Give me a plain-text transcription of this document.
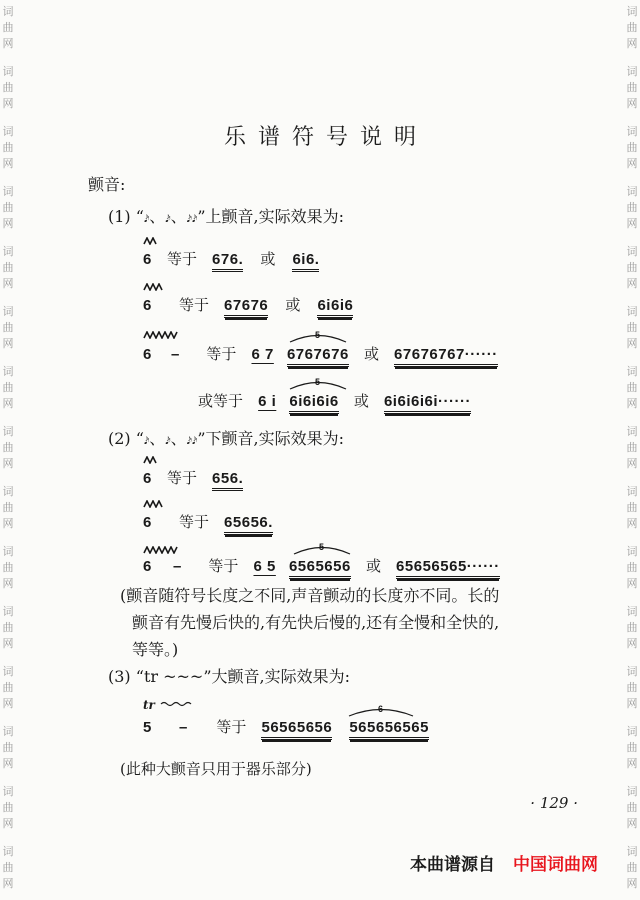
词
曲
网
词
曲
网
词
曲
网
词
曲
网
词
曲
网
词
曲
网
词
曲
网
词
曲
网
词
曲
网
词
曲
网
词
曲
网
词
曲
网
词
曲
网
词
曲
网
词
曲
网
词
曲
网
词
曲
网
词
曲
网
词
曲
网
词
曲
网
词
曲
网
词
曲
网
词
曲
网
词
曲
网
词
曲
网
词
曲
网
词
曲
网
词
曲
网
词
曲
网
词
曲
网
乐谱符号说明
颤音:
(1) “𝆔、𝆔、𝆔𝆔”上颤音,实际效果为:
6 等于 676. 或 6i6.
6 等于 67676 或 6i6i6
5
6 – 等于 6 7 6767676 或 67676767······
5
或等于 6 i 6i6i6i6 或 6i6i6i6i······
(2) “𝆔、𝆔、𝆔𝆔”下颤音,实际效果为:
6 等于 656.
6 等于 65656.
5
6 – 等于 6 5 6565656 或 65656565······
(颤音随符号长度之不同,声音颤动的长度亦不同。长的
颤音有先慢后快的,有先快后慢的,还有全慢和全快的,
等等。)
(3) “tr ~~~”大颤音,实际效果为:
tr	6
5 – 等于 56565656 565656565
(此种大颤音只用于器乐部分)
· 129 ·
本曲谱源自 中国词曲网
